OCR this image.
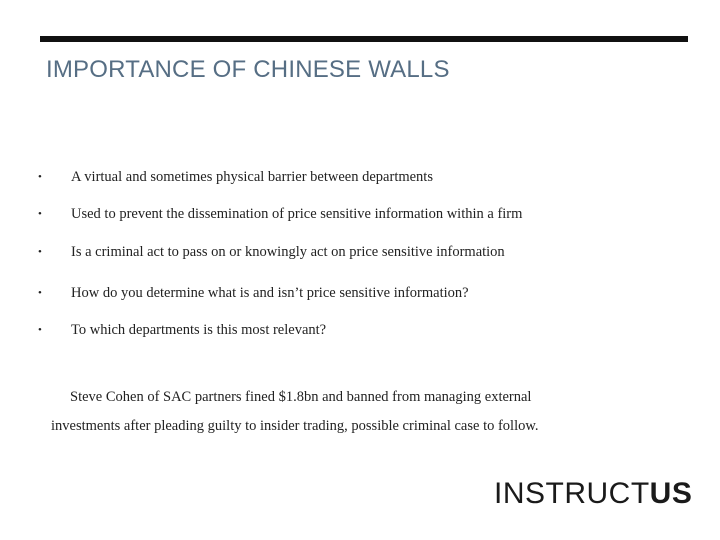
IMPORTANCE OF CHINESE WALLS
• A virtual and sometimes physical barrier between departments
• Used to prevent the dissemination of price sensitive information within a firm
• Is a criminal act to pass on or knowingly act on price sensitive information
• How do you determine what is and isn’t price sensitive information?
• To which departments is this most relevant?
Steve Cohen of SAC partners fined $1.8bn and banned from managing external
investments after pleading guilty to insider trading, possible criminal case to follow.
INSTRUCTUS
